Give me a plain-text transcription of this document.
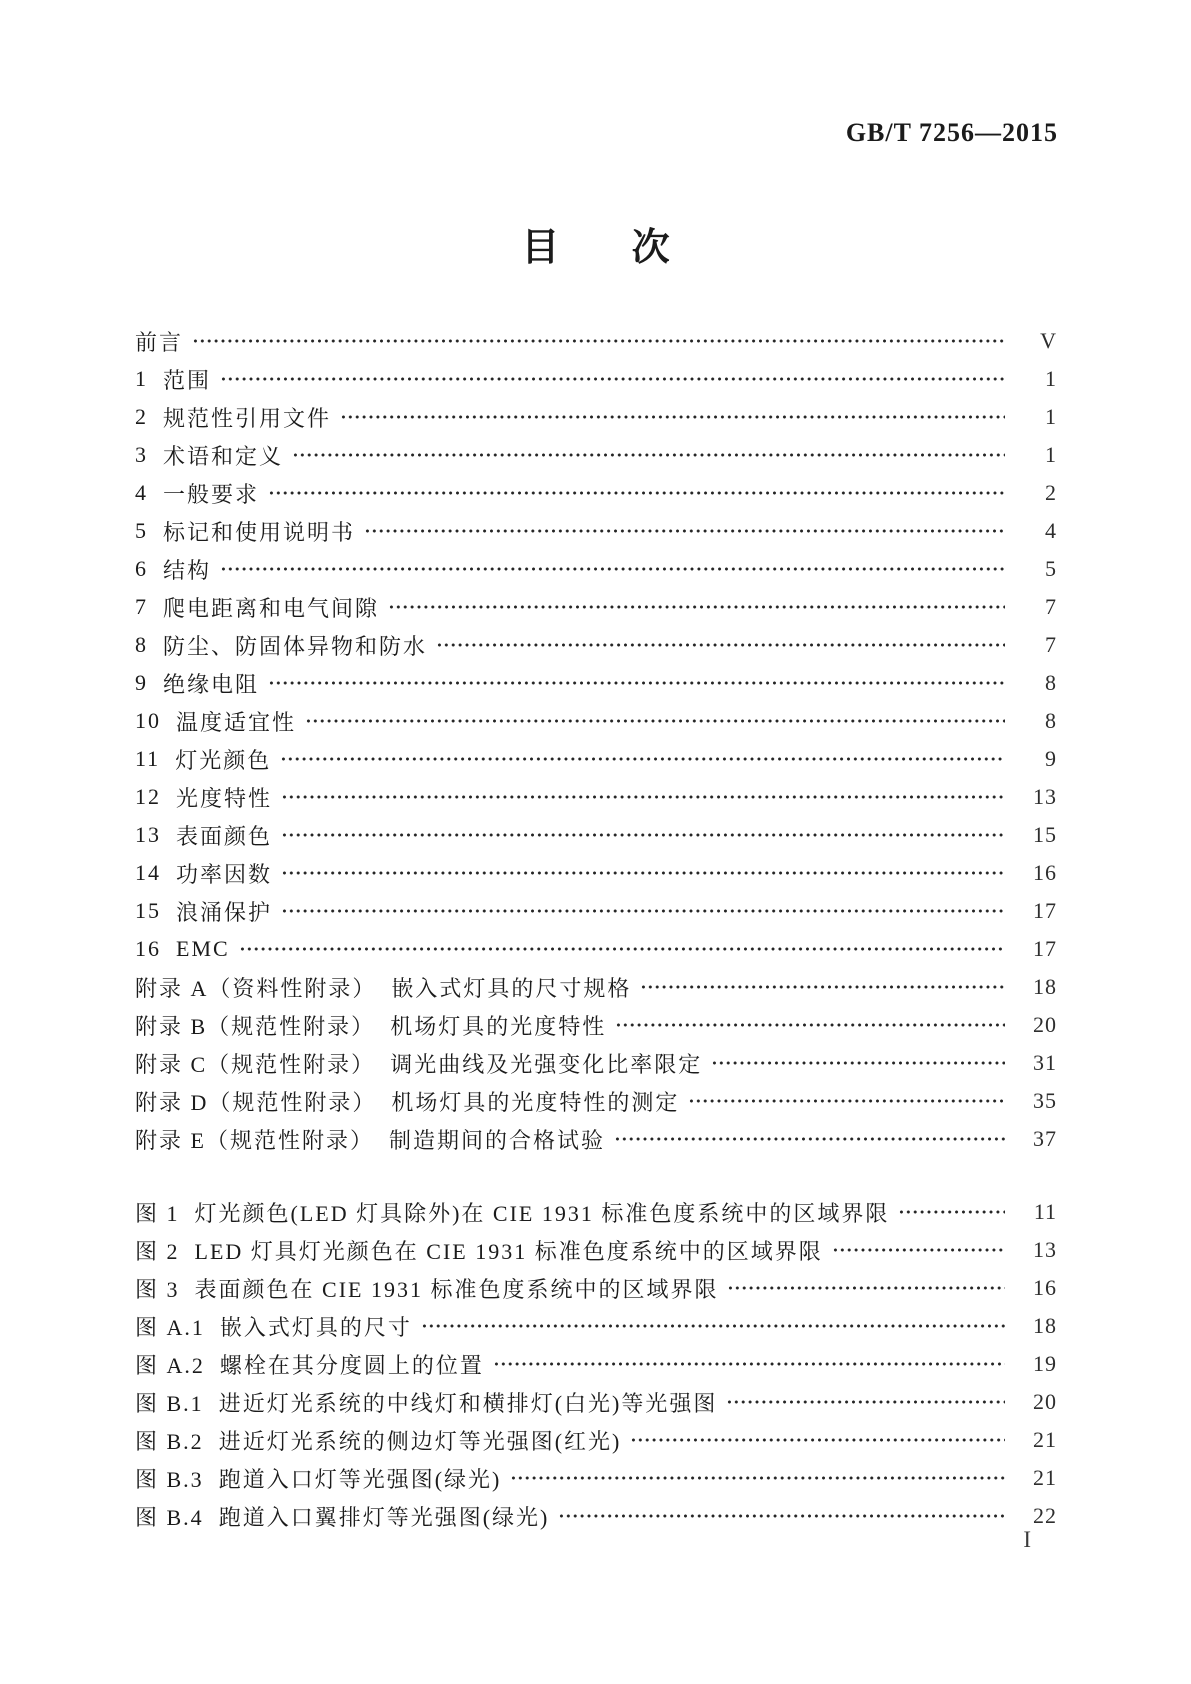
GB/T 7256—2015
目次
前言	V
1 范围	1
2 规范性引用文件	1
3 术语和定义	1
4 一般要求	2
5 标记和使用说明书	4
6 结构	5
7 爬电距离和电气间隙	7
8 防尘、防固体异物和防水	7
9 绝缘电阻	8
10 温度适宜性	8
11 灯光颜色	9
12 光度特性	13
13 表面颜色	15
14 功率因数	16
15 浪涌保护	17
16 EMC	17
附录 A（资料性附录） 嵌入式灯具的尺寸规格	18
附录 B（规范性附录） 机场灯具的光度特性	20
附录 C（规范性附录） 调光曲线及光强变化比率限定	31
附录 D（规范性附录） 机场灯具的光度特性的测定	35
附录 E（规范性附录） 制造期间的合格试验	37
图 1 灯光颜色(LED 灯具除外)在 CIE 1931 标准色度系统中的区域界限	11
图 2 LED 灯具灯光颜色在 CIE 1931 标准色度系统中的区域界限	13
图 3 表面颜色在 CIE 1931 标准色度系统中的区域界限	16
图 A.1 嵌入式灯具的尺寸	18
图 A.2 螺栓在其分度圆上的位置	19
图 B.1 进近灯光系统的中线灯和横排灯(白光)等光强图	20
图 B.2 进近灯光系统的侧边灯等光强图(红光)	21
图 B.3 跑道入口灯等光强图(绿光)	21
图 B.4 跑道入口翼排灯等光强图(绿光)	22
I
